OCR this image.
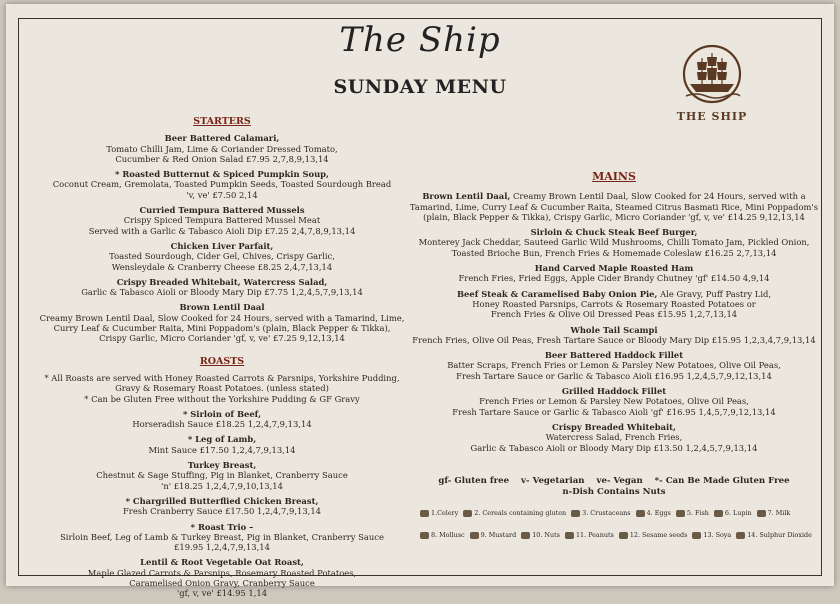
The Ship
SUNDAY MENU
THE SHIP
STARTERS
Beer Battered Calamari,
Tomato Chilli Jam, Lime & Coriander Dressed Tomato,
Cucumber & Red Onion Salad £7.95 2,7,8,9,13,14
* Roasted Butternut & Spiced Pumpkin Soup,
Coconut Cream, Gremolata, Toasted Pumpkin Seeds, Toasted Sourdough Bread
'v, ve' £7.50 2,14
Curried Tempura Battered Mussels
Crispy Spiced Tempura Battered Mussel Meat
Served with a Garlic & Tabasco Aioli Dip £7.25 2,4,7,8,9,13,14
Chicken Liver Parfait,
Toasted Sourdough, Cider Gel, Chives, Crispy Garlic,
Wensleydale & Cranberry Cheese £8.25 2,4,7,13,14
Crispy Breaded Whitebait, Watercress Salad,
Garlic & Tabasco Aioli or Bloody Mary Dip £7.75 1,2,4,5,7,9,13,14
Brown Lentil Daal
Creamy Brown Lentil Daal, Slow Cooked for 24 Hours, served with a Tamarind, Lime,
Curry Leaf & Cucumber Raita, Mini Poppadom's (plain, Black Pepper & Tikka),
Crispy Garlic, Micro Coriander 'gf, v, ve' £7.25 9,12,13,14
ROASTS
* All Roasts are served with Honey Roasted Carrots & Parsnips, Yorkshire Pudding,
Gravy & Rosemary Roast Potatoes. (unless stated)
* Can be Gluten Free without the Yorkshire Pudding & GF Gravy
* Sirloin of Beef,
Horseradish Sauce £18.25 1,2,4,7,9,13,14
* Leg of Lamb,
Mint Sauce £17.50 1,2,4,7,9,13,14
Turkey Breast,
Chestnut & Sage Stuffing, Pig in Blanket, Cranberry Sauce
'n' £18.25 1,2,4,7,9,10,13,14
* Chargrilled Butterflied Chicken Breast,
Fresh Cranberry Sauce £17.50 1,2,4,7,9,13,14
* Roast Trio –
Sirloin Beef, Leg of Lamb & Turkey Breast, Pig in Blanket, Cranberry Sauce
£19.95 1,2,4,7,9,13,14
Lentil & Root Vegetable Oat Roast,
Maple Glazed Carrots & Parsnips, Rosemary Roasted Potatoes,
Caramelised Onion Gravy, Cranberry Sauce
'gf, v, ve' £14.95 1,14
MAINS
Brown Lentil Daal, Creamy Brown Lentil Daal, Slow Cooked for 24 Hours, served with a
Tamarind, Lime, Curry Leaf & Cucumber Raita, Steamed Citrus Basmati Rice, Mini Poppadom's
(plain, Black Pepper & Tikka), Crispy Garlic, Micro Coriander 'gf, v, ve' £14.25 9,12,13,14
Sirloin & Chuck Steak Beef Burger,
Monterey Jack Cheddar, Sauteed Garlic Wild Mushrooms, Chilli Tomato Jam, Pickled Onion,
Toasted Brioche Bun, French Fries & Homemade Coleslaw £16.25 2,7,13,14
Hand Carved Maple Roasted Ham
French Fries, Fried Eggs, Apple Cider Brandy Chutney 'gf' £14.50 4,9,14
Beef Steak & Caramelised Baby Onion Pie, Ale Gravy, Puff Pastry Lid,
Honey Roasted Parsnips, Carrots & Rosemary Roasted Potatoes or
French Fries & Olive Oil Dressed Peas £15.95 1,2,7,13,14
Whole Tail Scampi
French Fries, Olive Oil Peas, Fresh Tartare Sauce or Bloody Mary Dip £15.95 1,2,3,4,7,9,13,14
Beer Battered Haddock Fillet
Batter Scraps, French Fries or Lemon & Parsley New Potatoes, Olive Oil Peas,
Fresh Tartare Sauce or Garlic & Tabasco Aioli £16.95 1,2,4,5,7,9,12,13,14
Grilled Haddock Fillet
French Fries or Lemon & Parsley New Potatoes, Olive Oil Peas,
Fresh Tartare Sauce or Garlic & Tabasco Aioli 'gf' £16.95 1,4,5,7,9,12,13,14
Crispy Breaded Whitebait,
Watercress Salad, French Fries,
Garlic & Tabasco Aioli or Bloody Mary Dip £13.50 1,2,4,5,7,9,13,14
gf- Gluten free    v- Vegetarian    ve- Vegan    *- Can Be Made Gluten Free
n-Dish Contains Nuts
1.Celery	2. Cereals containing gluten	3. Crustaceans	4. Eggs	5. Fish	6. Lupin	7. Milk
8. Mollusc	9. Mustard	10. Nuts	11. Peanuts	12. Sesame seeds	13. Soya	14. Sulphur Dioxide
